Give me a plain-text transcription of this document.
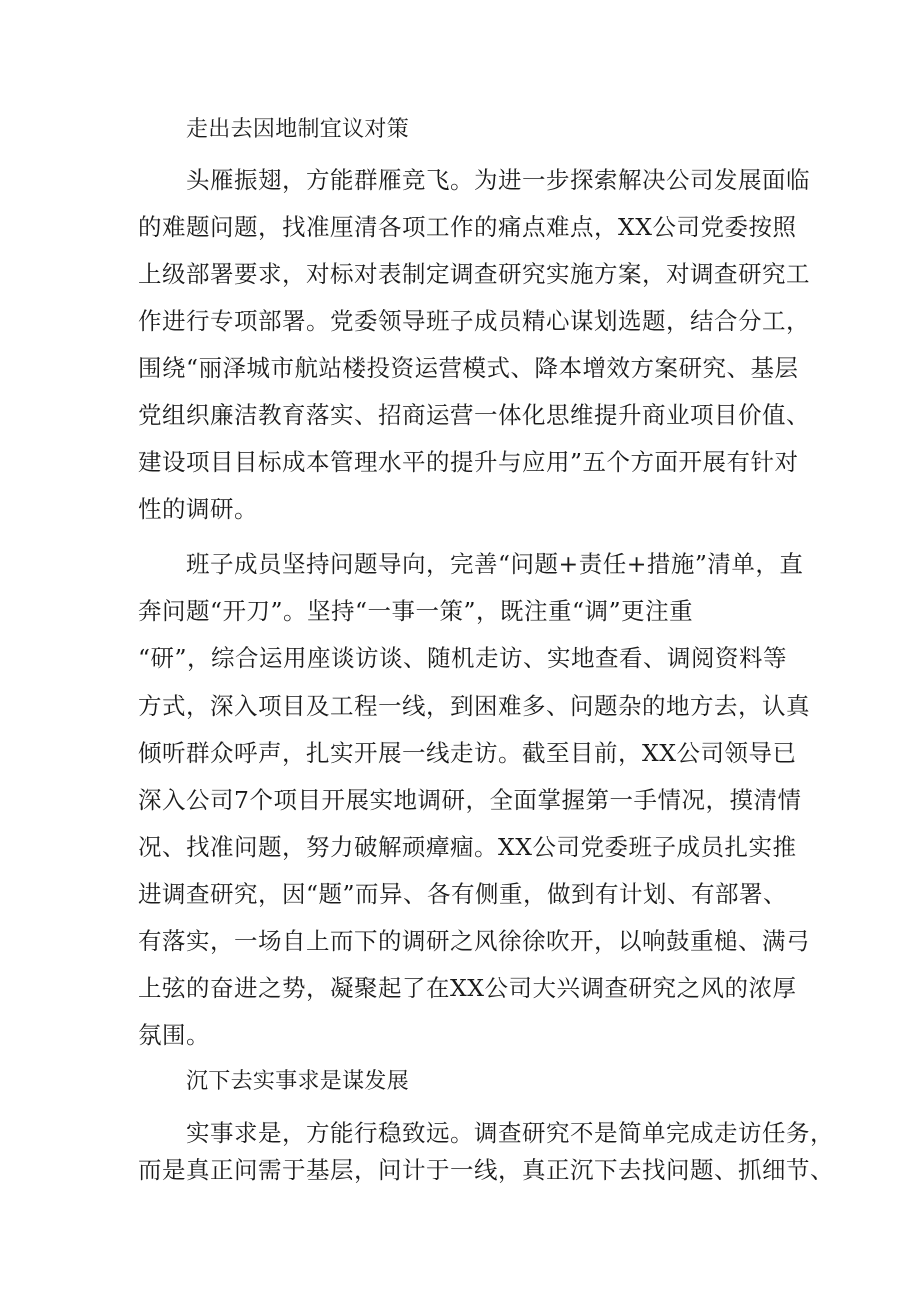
走出去因地制宜议对策
头雁振翅，方能群雁竞飞。为进一步探索解决公司发展面临
的难题问题，找准厘清各项工作的痛点难点，XX公司党委按照
上级部署要求，对标对表制定调查研究实施方案，对调查研究工
作进行专项部署。党委领导班子成员精心谋划选题，结合分工，
围绕“丽泽城市航站楼投资运营模式、降本增效方案研究、基层
党组织廉洁教育落实、招商运营一体化思维提升商业项目价值、
建设项目目标成本管理水平的提升与应用”五个方面开展有针对
性的调研。
班子成员坚持问题导向，完善“问题+责任+措施”清单，直
奔问题“开刀”。坚持“一事一策”，既注重“调”更注重
“研”，综合运用座谈访谈、随机走访、实地查看、调阅资料等
方式，深入项目及工程一线，到困难多、问题杂的地方去，认真
倾听群众呼声，扎实开展一线走访。截至目前，XX公司领导已
深入公司7个项目开展实地调研，全面掌握第一手情况，摸清情
况、找准问题，努力破解顽瘴痼。XX公司党委班子成员扎实推
进调查研究，因“题”而异、各有侧重，做到有计划、有部署、
有落实，一场自上而下的调研之风徐徐吹开，以响鼓重槌、满弓
上弦的奋进之势，凝聚起了在XX公司大兴调查研究之风的浓厚
氛围。
沉下去实事求是谋发展
实事求是，方能行稳致远。调查研究不是简单完成走访任务，
而是真正问需于基层，问计于一线，真正沉下去找问题、抓细节、
